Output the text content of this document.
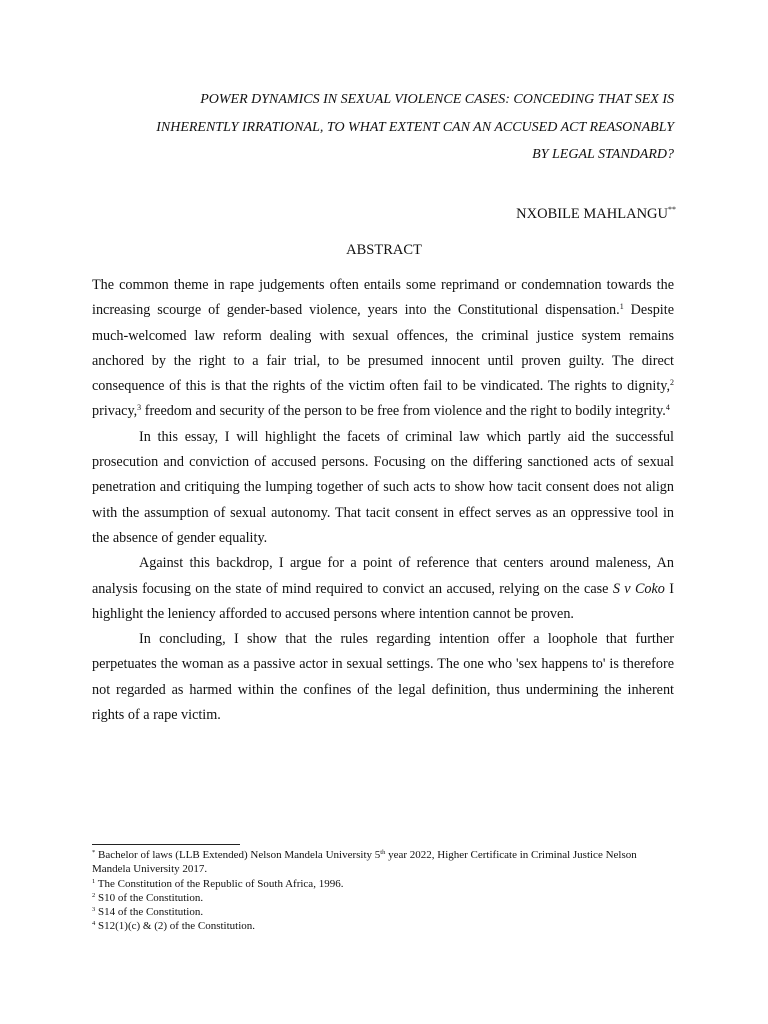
POWER DYNAMICS IN SEXUAL VIOLENCE CASES: CONCEDING THAT SEX IS
INHERENTLY IRRATIONAL, TO WHAT EXTENT CAN AN ACCUSED ACT REASONABLY
BY LEGAL STANDARD?
NXOBILE MAHLANGU**
ABSTRACT

The common theme in rape judgements often entails some reprimand or condemnation towards the increasing scourge of gender-based violence, years into the Constitutional dispensation.$^1$ Despite much-welcomed law reform dealing with sexual offences, the criminal justice system remains anchored by the right to a fair trial, to be presumed innocent until proven guilty. The direct consequence of this is that the rights of the victim often fail to be vindicated. The rights to dignity,$^2$ privacy,$^3$ freedom and security of the person to be free from violence and the right to bodily integrity.$^4$

In this essay, I will highlight the facets of criminal law which partly aid the successful prosecution and conviction of accused persons. Focusing on the differing sanctioned acts of sexual penetration and critiquing the lumping together of such acts to show how tacit consent does not align with the assumption of sexual autonomy. That tacit consent in effect serves as an oppressive tool in the absence of gender equality.

Against this backdrop, I argue for a point of reference that centers around maleness, An analysis focusing on the state of mind required to convict an accused, relying on the case S v Coko I highlight the leniency afforded to accused persons where intention cannot be proven.

In concluding, I show that the rules regarding intention offer a loophole that further perpetuates the woman as a passive actor in sexual settings. The one who 'sex happens to' is therefore not regarded as harmed within the confines of the legal definition, thus undermining the inherent rights of a rape victim.

* Bachelor of laws (LLB Extended) Nelson Mandela University 5th year 2022, Higher Certificate in Criminal Justice Nelson Mandela University 2017.
$^1$ The Constitution of the Republic of South Africa, 1996.
$^2$ S10 of the Constitution.
$^3$ S14 of the Constitution.
$^4$ S12(1)(c) & (2) of the Constitution.
